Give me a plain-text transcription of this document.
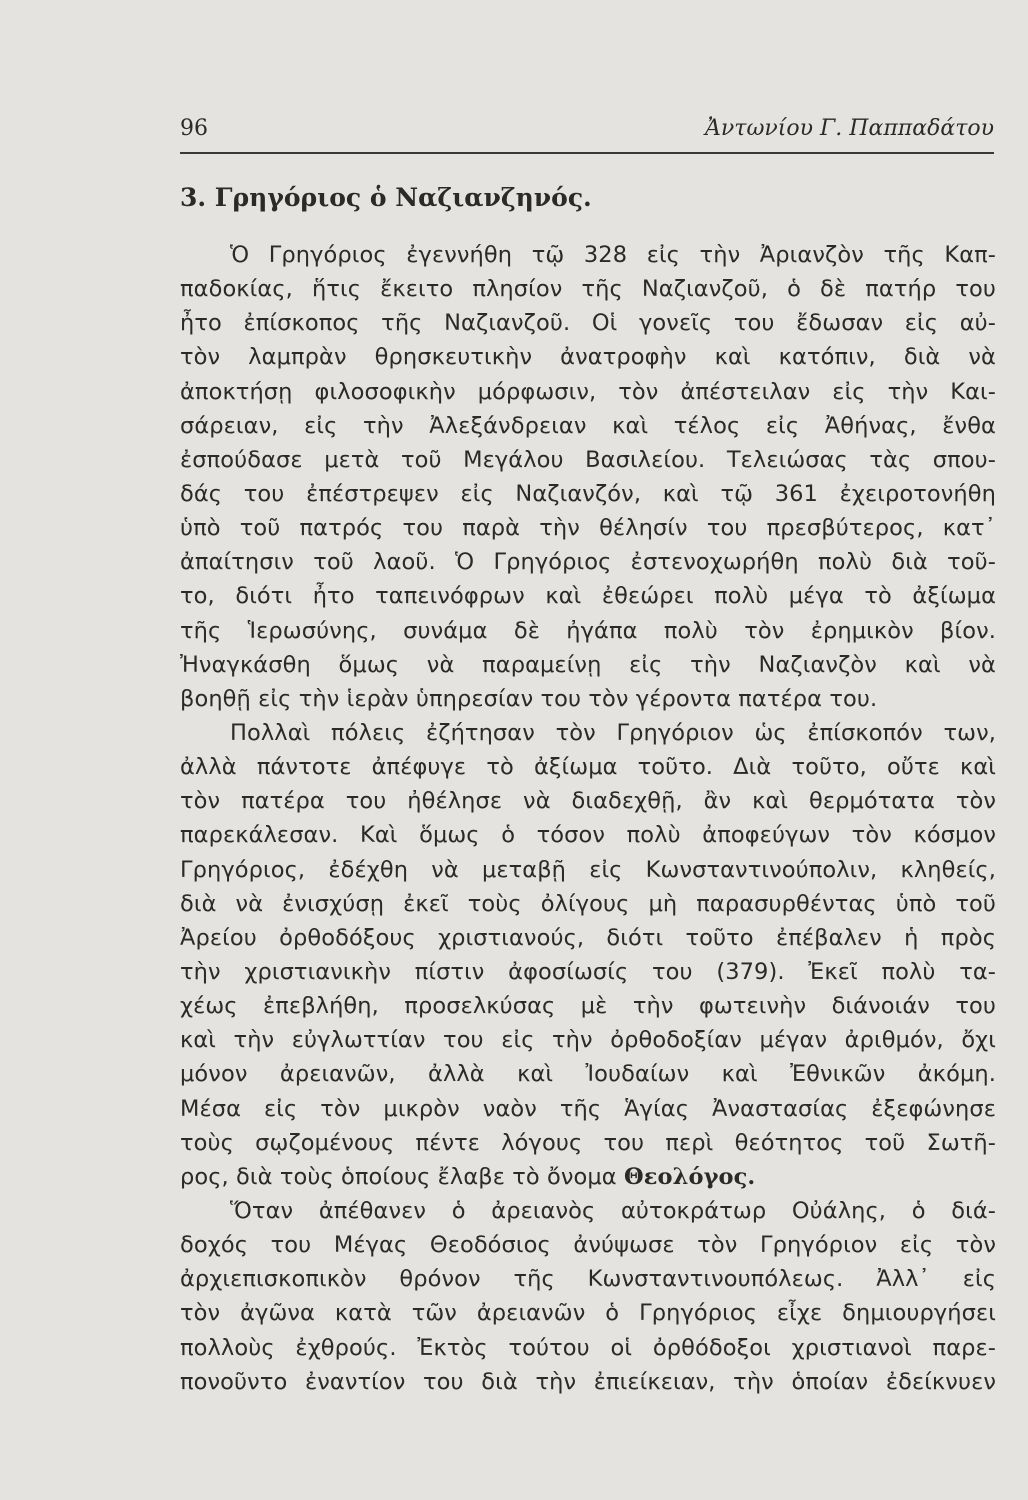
96	Ἀντωνίου Γ. Παππαδάτου
3. Γρηγόριος ὁ Ναζιανζηνός.
Ὁ Γρηγόριος ἐγεννήθη τῷ 328 εἰς τὴν Ἀριανζὸν τῆς Καπ-
παδοκίας, ἥτις ἔκειτο πλησίον τῆς Ναζιανζοῦ, ὁ δὲ πατήρ του
ἦτο ἐπίσκοπος τῆς Ναζιανζοῦ. Οἱ γονεῖς του ἔδωσαν εἰς αὐ-
τὸν λαμπρὰν θρησκευτικὴν ἀνατροφὴν καὶ κατόπιν, διὰ νὰ
ἀποκτήσῃ φιλοσοφικὴν μόρφωσιν, τὸν ἀπέστειλαν εἰς τὴν Και-
σάρειαν, εἰς τὴν Ἀλεξάνδρειαν καὶ τέλος εἰς Ἀθήνας, ἔνθα
ἐσπούδασε μετὰ τοῦ Μεγάλου Βασιλείου. Τελειώσας τὰς σπου-
δάς του ἐπέστρεψεν εἰς Ναζιανζόν, καὶ τῷ 361 ἐχειροτονήθη
ὑπὸ τοῦ πατρός του παρὰ τὴν θέλησίν του πρεσβύτερος, κατ᾽
ἀπαίτησιν τοῦ λαοῦ. Ὁ Γρηγόριος ἐστενοχωρήθη πολὺ διὰ τοῦ-
το, διότι ἦτο ταπεινόφρων καὶ ἐθεώρει πολὺ μέγα τὸ ἀξίωμα
τῆς Ἱερωσύνης, συνάμα δὲ ἠγάπα πολὺ τὸν ἐρημικὸν βίον.
Ἠναγκάσθη ὅμως νὰ παραμείνῃ εἰς τὴν Ναζιανζὸν καὶ νὰ
βοηθῇ εἰς τὴν ἱερὰν ὑπηρεσίαν του τὸν γέροντα πατέρα του.
Πολλαὶ πόλεις ἐζήτησαν τὸν Γρηγόριον ὡς ἐπίσκοπόν των,
ἀλλὰ πάντοτε ἀπέφυγε τὸ ἀξίωμα τοῦτο. Διὰ τοῦτο, οὔτε καὶ
τὸν πατέρα του ἠθέλησε νὰ διαδεχθῇ, ἂν καὶ θερμότατα τὸν
παρεκάλεσαν. Καὶ ὅμως ὁ τόσον πολὺ ἀποφεύγων τὸν κόσμον
Γρηγόριος, ἐδέχθη νὰ μεταβῇ εἰς Κωνσταντινούπολιν, κληθείς,
διὰ νὰ ἐνισχύσῃ ἐκεῖ τοὺς ὀλίγους μὴ παρασυρθέντας ὑπὸ τοῦ
Ἀρείου ὀρθοδόξους χριστιανούς, διότι τοῦτο ἐπέβαλεν ἡ πρὸς
τὴν χριστιανικὴν πίστιν ἀφοσίωσίς του (379). Ἐκεῖ πολὺ τα-
χέως ἐπεβλήθη, προσελκύσας μὲ τὴν φωτεινὴν διάνοιάν του
καὶ τὴν εὐγλωττίαν του εἰς τὴν ὀρθοδοξίαν μέγαν ἀριθμόν, ὄχι
μόνον ἀρειανῶν, ἀλλὰ καὶ Ἰουδαίων καὶ Ἐθνικῶν ἀκόμη.
Μέσα εἰς τὸν μικρὸν ναὸν τῆς Ἁγίας Ἀναστασίας ἐξεφώνησε
τοὺς σῳζομένους πέντε λόγους του περὶ θεότητος τοῦ Σωτῆ-
ρος, διὰ τοὺς ὁποίους ἔλαβε τὸ ὄνομα Θεολόγος.
Ὅταν ἀπέθανεν ὁ ἀρειανὸς αὐτοκράτωρ Οὐάλης, ὁ διά-
δοχός του Μέγας Θεοδόσιος ἀνύψωσε τὸν Γρηγόριον εἰς τὸν
ἀρχιεπισκοπικὸν θρόνον τῆς Κωνσταντινουπόλεως. Ἀλλ᾽ εἰς
τὸν ἀγῶνα κατὰ τῶν ἀρειανῶν ὁ Γρηγόριος εἶχε δημιουργήσει
πολλοὺς ἐχθρούς. Ἐκτὸς τούτου οἱ ὀρθόδοξοι χριστιανοὶ παρε-
πονοῦντο ἐναντίον του διὰ τὴν ἐπιείκειαν, τὴν ὁποίαν ἐδείκνυεν
